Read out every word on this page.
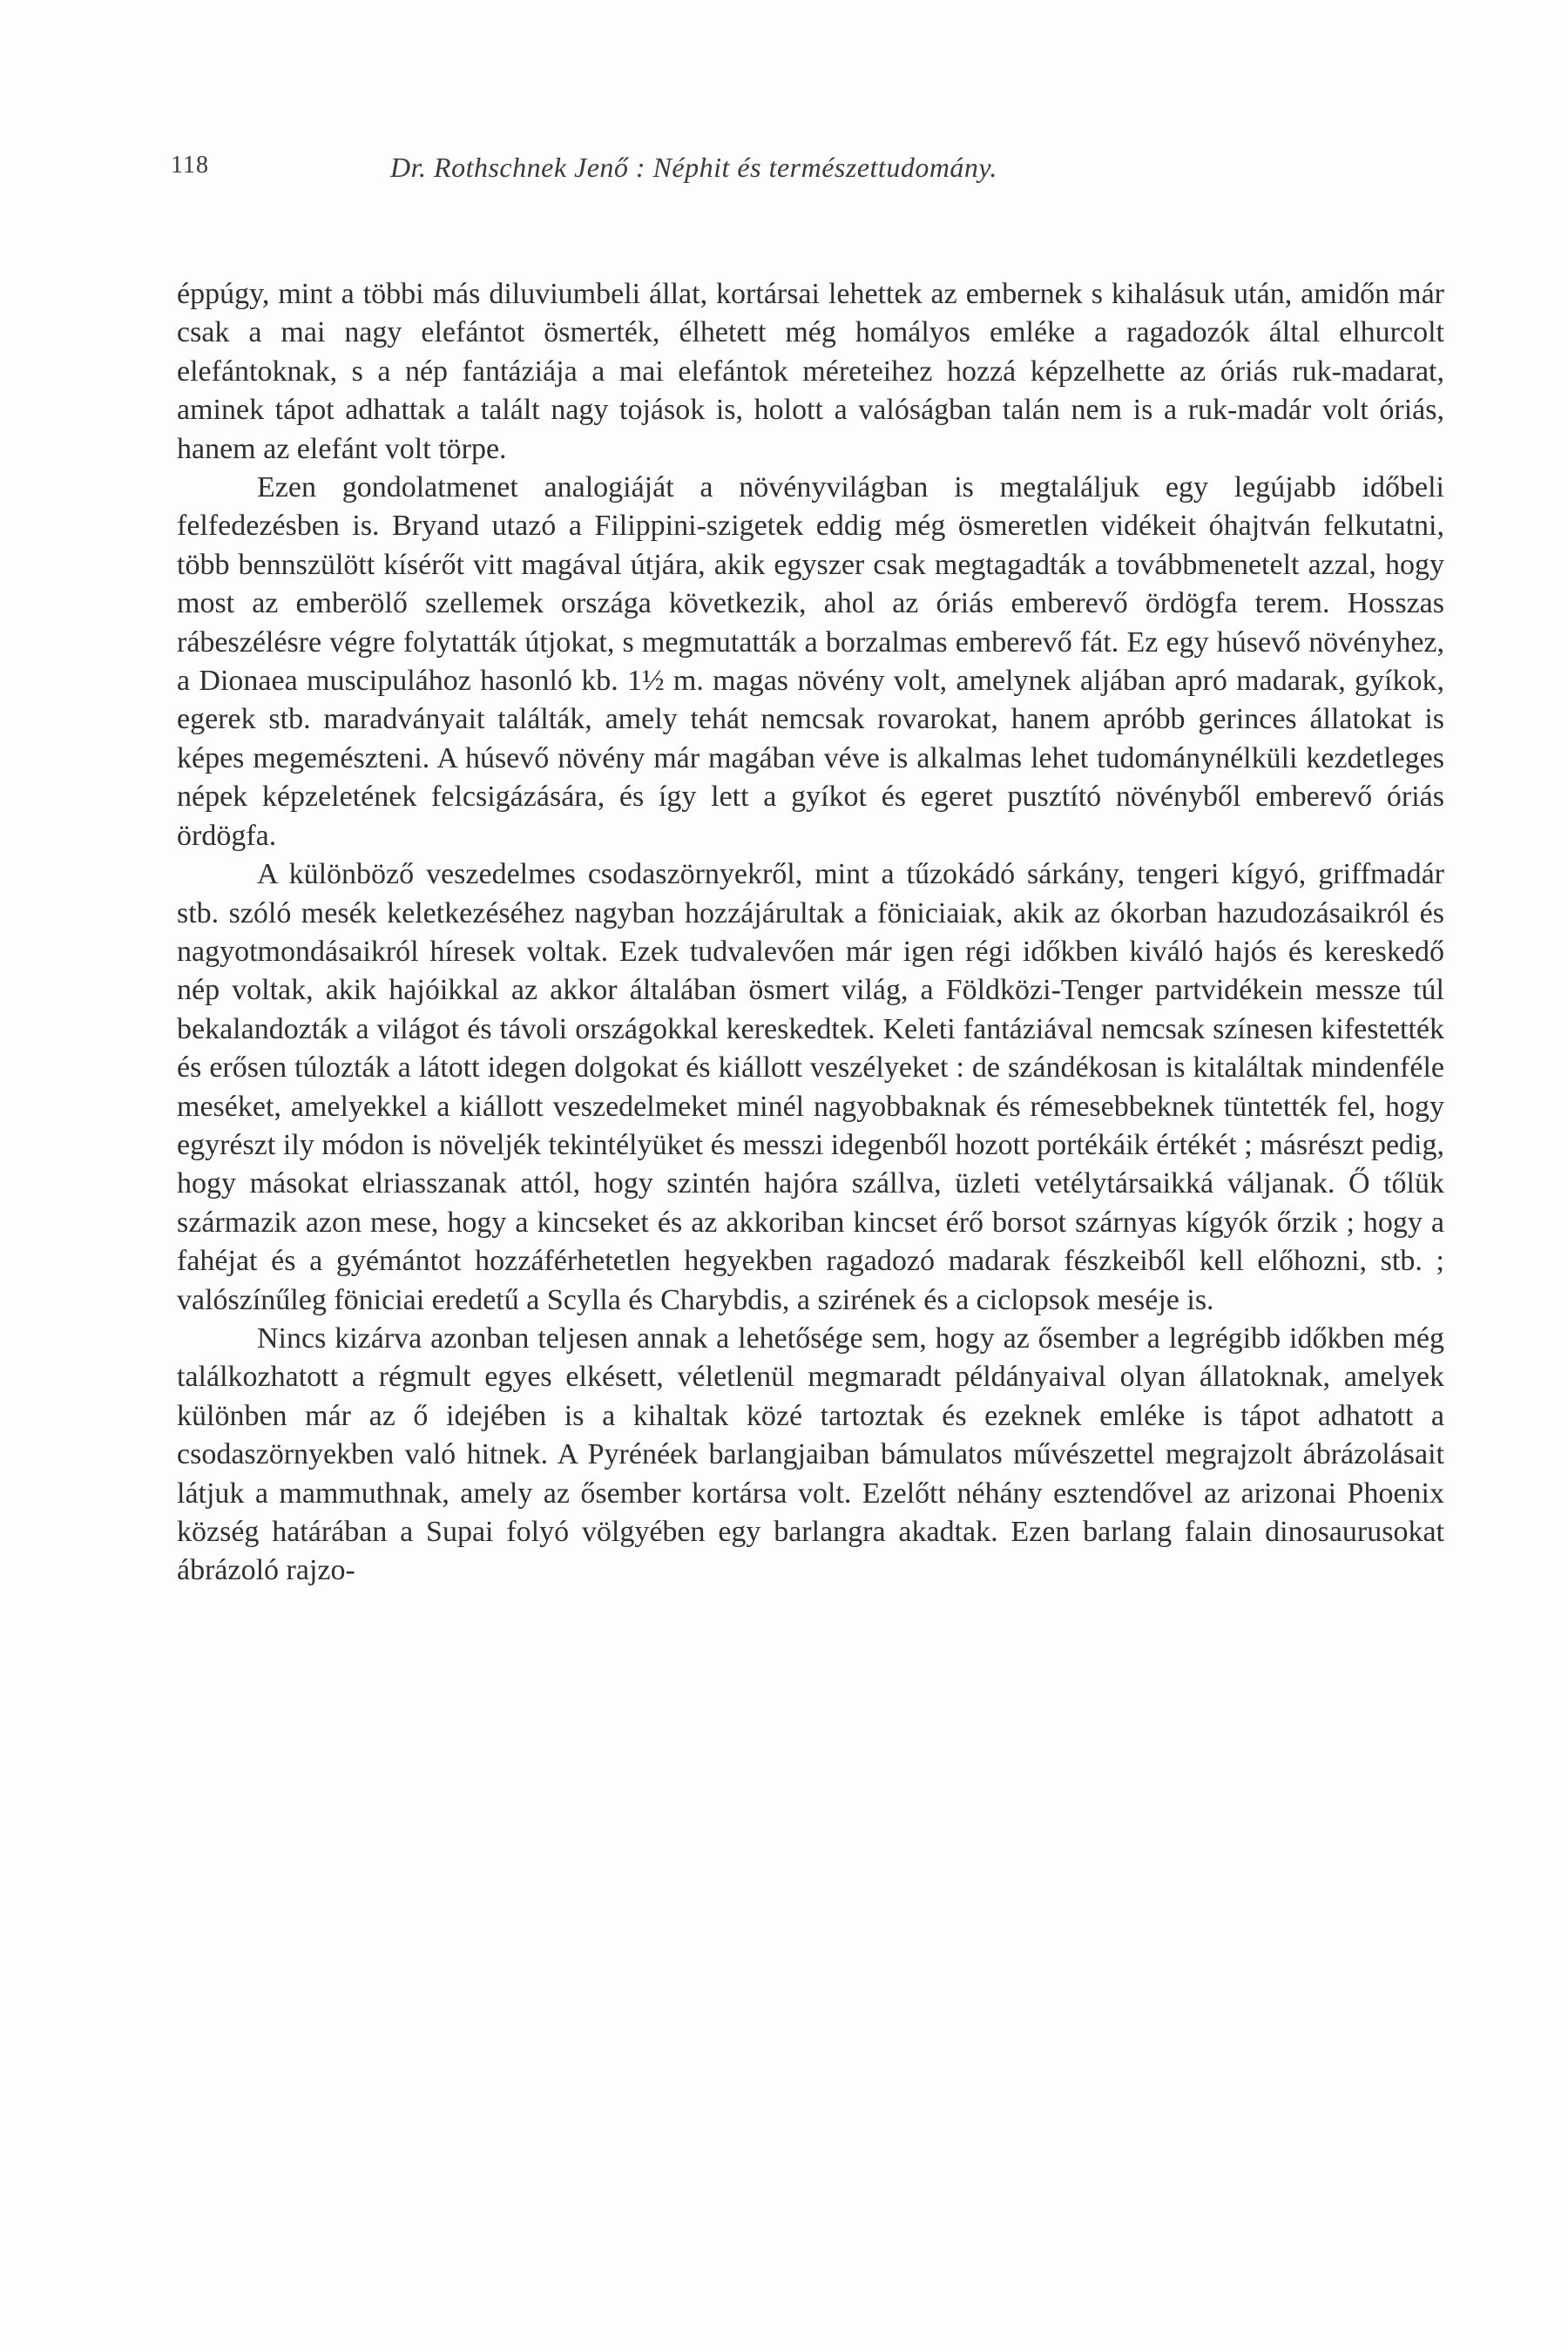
118	Dr. Rothschnek Jenő : Néphit és természettudomány.

éppúgy, mint a többi más diluviumbeli állat, kortársai lehettek az embernek s kihalásuk után, amidőn már csak a mai nagy elefántot ösmerték, élhetett még homályos emléke a ragadozók által elhurcolt elefántoknak, s a nép fantáziája a mai elefántok méreteihez hozzá képzelhette az óriás ruk-madarat, aminek tápot adhattak a talált nagy tojások is, holott a valóságban talán nem is a ruk-madár volt óriás, hanem az elefánt volt törpe.

Ezen gondolatmenet analogiáját a növényvilágban is megtaláljuk egy legújabb időbeli felfedezésben is. Bryand utazó a Filippini-szigetek eddig még ösmeretlen vidékeit óhajtván felkutatni, több bennszülött kísérőt vitt magával útjára, akik egyszer csak megtagadták a továbbmenetelt azzal, hogy most az emberölő szellemek országa következik, ahol az óriás emberevő ördögfa terem. Hosszas rábeszélésre végre folytatták útjokat, s megmutatták a borzalmas emberevő fát. Ez egy húsevő növényhez, a Dionaea muscipulához hasonló kb. 1½ m. magas növény volt, amelynek aljában apró madarak, gyíkok, egerek stb. maradványait találták, amely tehát nemcsak rovarokat, hanem apróbb gerinces állatokat is képes megemészteni. A húsevő növény már magában véve is alkalmas lehet tudománynélküli kezdetleges népek képzeletének felcsigázására, és így lett a gyíkot és egeret pusztító növényből emberevő óriás ördögfa.

A különböző veszedelmes csodaszörnyekről, mint a tűzokádó sárkány, tengeri kígyó, griffmadár stb. szóló mesék keletkezéséhez nagyban hozzájárultak a föniciaiak, akik az ókorban hazudozásaikról és nagyotmondásaikról híresek voltak. Ezek tudvalevően már igen régi időkben kiváló hajós és kereskedő nép voltak, akik hajóikkal az akkor általában ösmert világ, a Földközi-Tenger partvidékein messze túl bekalandozták a világot és távoli országokkal kereskedtek. Keleti fantáziával nemcsak színesen kifestették és erősen túlozták a látott idegen dolgokat és kiállott veszélyeket : de szándékosan is kitaláltak mindenféle meséket, amelyekkel a kiállott veszedelmeket minél nagyobbaknak és rémesebbeknek tüntették fel, hogy egyrészt ily módon is növeljék tekintélyüket és messzi idegenből hozott portékáik értékét ; másrészt pedig, hogy másokat elriasszanak attól, hogy szintén hajóra szállva, üzleti vetélytársaikká váljanak. Ő tőlük származik azon mese, hogy a kincseket és az akkoriban kincset érő borsot szárnyas kígyók őrzik ; hogy a fahéjat és a gyémántot hozzáférhetetlen hegyekben ragadozó madarak fészkeiből kell előhozni, stb. ; valószínűleg föniciai eredetű a Scylla és Charybdis, a szirének és a ciclopsok meséje is.

Nincs kizárva azonban teljesen annak a lehetősége sem, hogy az ősember a legrégibb időkben még találkozhatott a régmult egyes elkésett, véletlenül megmaradt példányaival olyan állatoknak, amelyek különben már az ő idejében is a kihaltak közé tartoztak és ezeknek emléke is tápot adhatott a csodaszörnyekben való hitnek. A Pyrénéek barlangjaiban bámulatos művészettel megrajzolt ábrázolásait látjuk a mammuthnak, amely az ősember kortársa volt. Ezelőtt néhány esztendővel az arizonai Phoenix község határában a Supai folyó völgyében egy barlangra akadtak. Ezen barlang falain dinosaurusokat ábrázoló rajzo-
